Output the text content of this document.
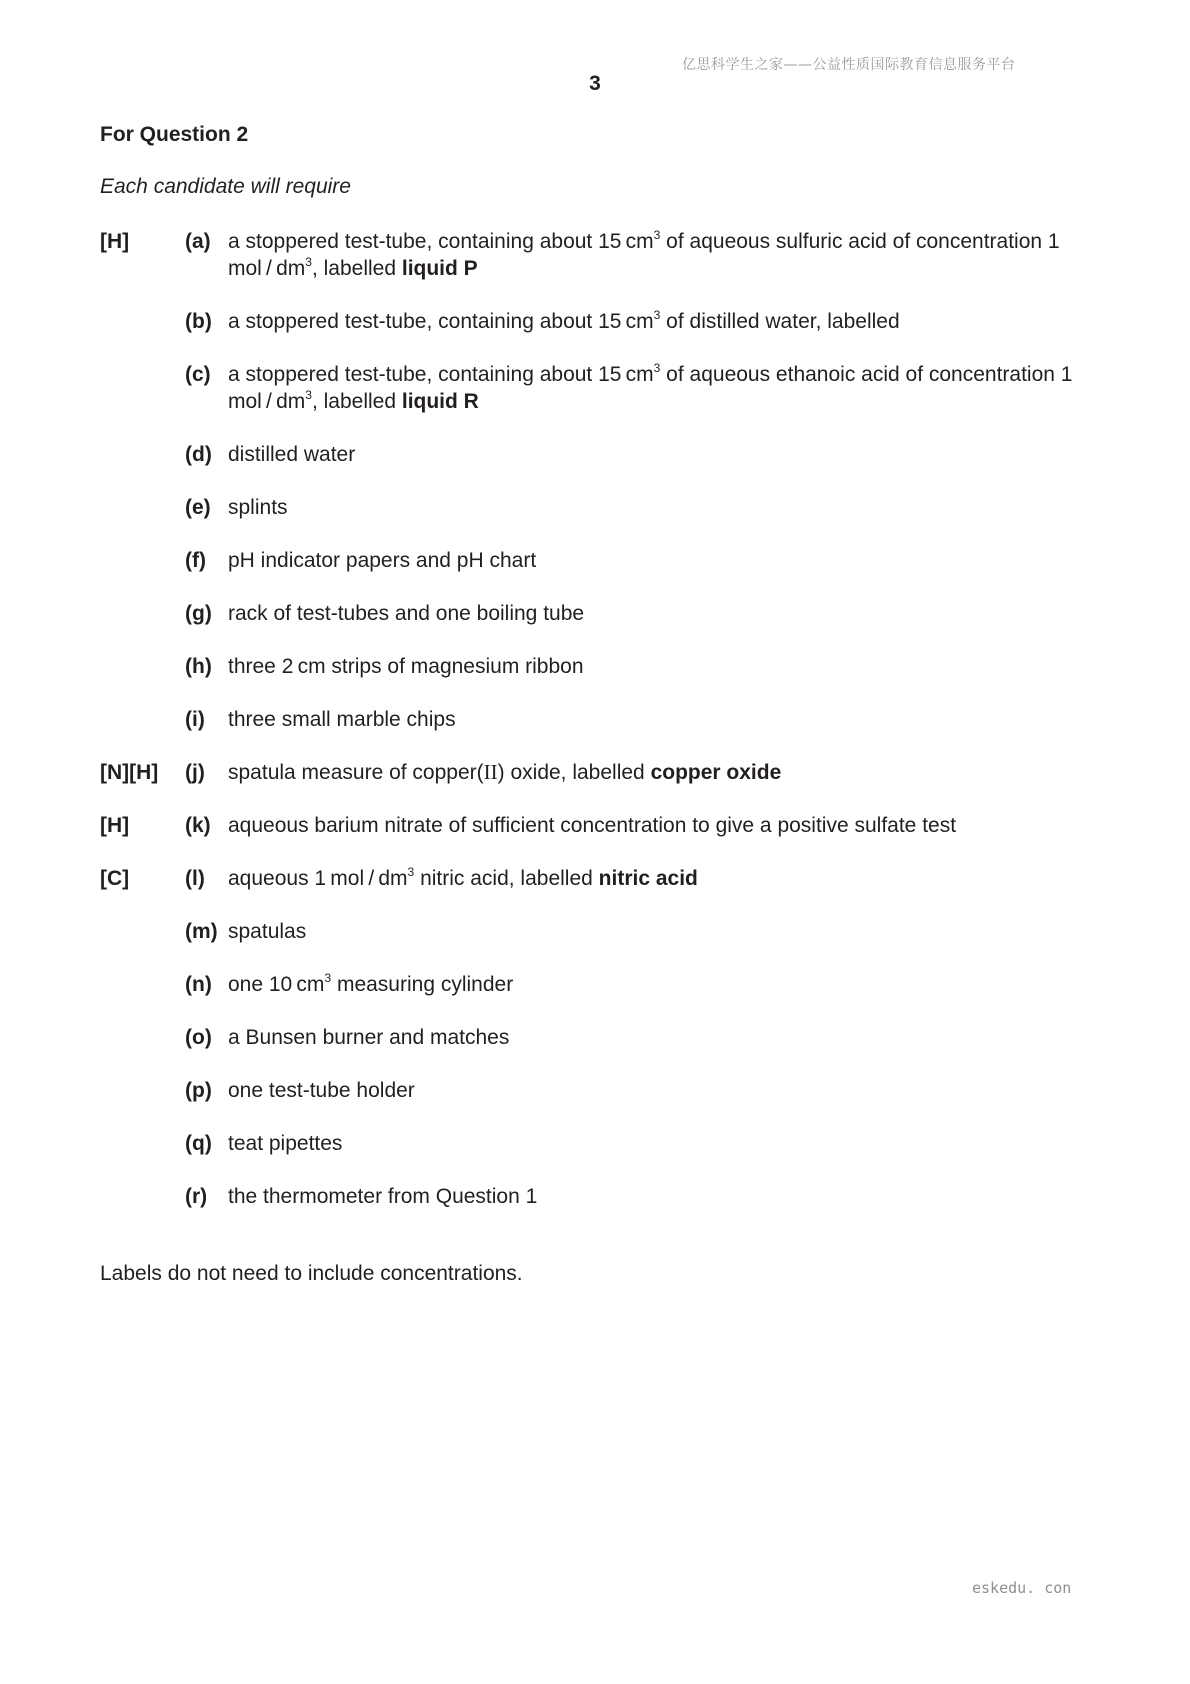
亿思科学生之家——公益性质国际教育信息服务平台
3
For Question 2
Each candidate will require
[H]	(a) a stoppered test-tube, containing about 15 $cm^3$ of aqueous sulfuric acid of concentration 1 mol / $dm^3$, labelled liquid P
(b) a stoppered test-tube, containing about 15 $cm^3$ of distilled water, labelled
(c) a stoppered test-tube, containing about 15 $cm^3$ of aqueous ethanoic acid of concentration 1 mol / $dm^3$, labelled liquid R
(d) distilled water
(e) splints
(f) pH indicator papers and pH chart
(g) rack of test-tubes and one boiling tube
(h) three 2 cm strips of magnesium ribbon
(i) three small marble chips
[N][H] (j) spatula measure of copper(II) oxide, labelled copper oxide
[H]	(k) aqueous barium nitrate of sufficient concentration to give a positive sulfate test
[C]	(l) aqueous 1 mol / $dm^3$ nitric acid, labelled nitric acid
(m) spatulas
(n) one 10 $cm^3$ measuring cylinder
(o) a Bunsen burner and matches
(p) one test-tube holder
(q) teat pipettes
(r) the thermometer from Question 1
Labels do not need to include concentrations.
eskedu. con
